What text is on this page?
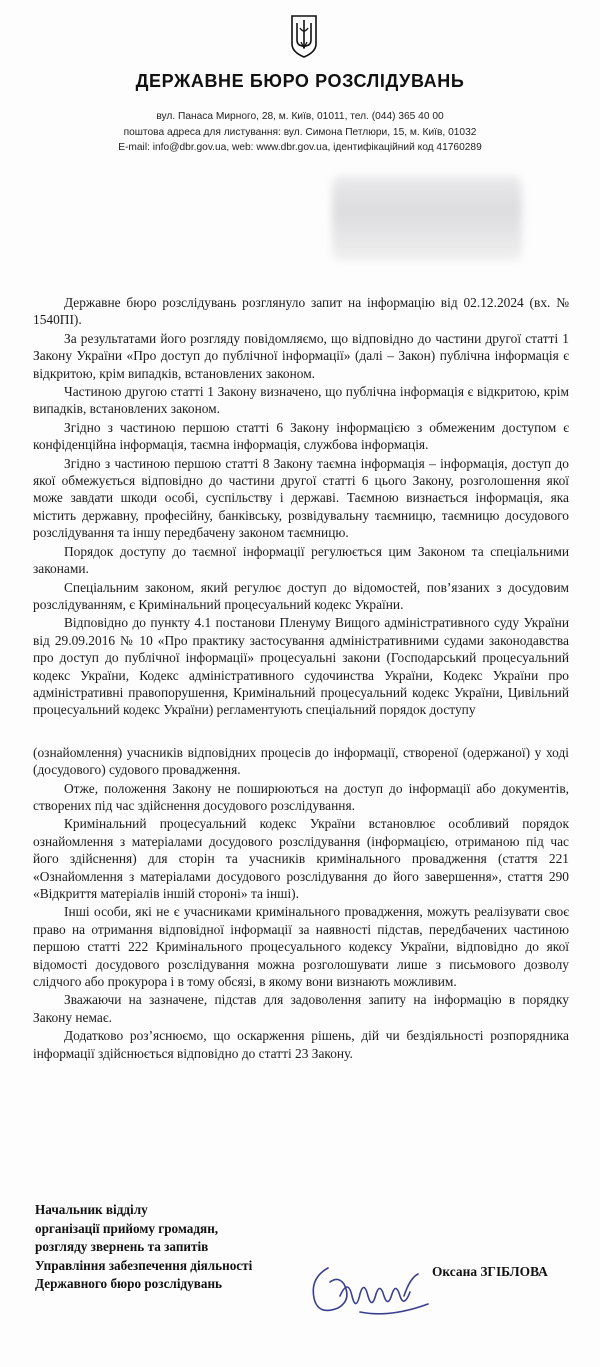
ДЕРЖАВНЕ БЮРО РОЗСЛІДУВАНЬ
вул. Панаса Мирного, 28, м. Київ, 01011, тел. (044) 365 40 00
поштова адреса для листування: вул. Симона Петлюри, 15, м. Київ, 01032
E-mail: info@dbr.gov.ua, web: www.dbr.gov.ua, ідентифікаційний код 41760289

Державне бюро розслідувань розглянуло запит на інформацію від 02.12.2024 (вх. № 1540ПІ).

За результатами його розгляду повідомляємо, що відповідно до частини другої статті 1 Закону України «Про доступ до публічної інформації» (далі – Закон) публічна інформація є відкритою, крім випадків, встановлених законом.

Частиною другою статті 1 Закону визначено, що публічна інформація є відкритою, крім випадків, встановлених законом.

Згідно з частиною першою статті 6 Закону інформацією з обмеженим доступом є конфіденційна інформація, таємна інформація, службова інформація.

Згідно з частиною першою статті 8 Закону таємна інформація – інформація, доступ до якої обмежується відповідно до частини другої статті 6 цього Закону, розголошення якої може завдати шкоди особі, суспільству і державі. Таємною визнається інформація, яка містить державну, професійну, банківську, розвідувальну таємницю, таємницю досудового розслідування та іншу передбачену законом таємницю.

Порядок доступу до таємної інформації регулюється цим Законом та спеціальними законами.

Спеціальним законом, який регулює доступ до відомостей, пов’язаних з досудовим розслідуванням, є Кримінальний процесуальний кодекс України.

Відповідно до пункту 4.1 постанови Пленуму Вищого адміністративного суду України від 29.09.2016 № 10 «Про практику застосування адміністративними судами законодавства про доступ до публічної інформації» процесуальні закони (Господарський процесуальний кодекс України, Кодекс адміністративного судочинства України, Кодекс України про адміністративні правопорушення, Кримінальний процесуальний кодекс України, Цивільний процесуальний кодекс України) регламентують спеціальний порядок доступу

(ознайомлення) учасників відповідних процесів до інформації, створеної (одержаної) у ході (досудового) судового провадження.

Отже, положення Закону не поширюються на доступ до інформації або документів, створених під час здійснення досудового розслідування.

Кримінальний процесуальний кодекс України встановлює особливий порядок ознайомлення з матеріалами досудового розслідування (інформацією, отриманою під час його здійснення) для сторін та учасників кримінального провадження (стаття 221 «Ознайомлення з матеріалами досудового розслідування до його завершення», стаття 290 «Відкриття матеріалів іншій стороні» та інші).

Інші особи, які не є учасниками кримінального провадження, можуть реалізувати своє право на отримання відповідної інформації за наявності підстав, передбачених частиною першою статті 222 Кримінального процесуального кодексу України, відповідно до якої відомості досудового розслідування можна розголошувати лише з письмового дозволу слідчого або прокурора і в тому обсязі, в якому вони визнають можливим.

Зважаючи на зазначене, підстав для задоволення запиту на інформацію в порядку Закону немає.

Додатково роз’яснюємо, що оскарження рішень, дій чи бездіяльності розпорядника інформації здійснюється відповідно до статті 23 Закону.

Начальник відділу
організації прийому громадян,
розгляду звернень та запитів
Управління забезпечення діяльності
Державного бюро розслідувань
Оксана ЗГІБЛОВА
